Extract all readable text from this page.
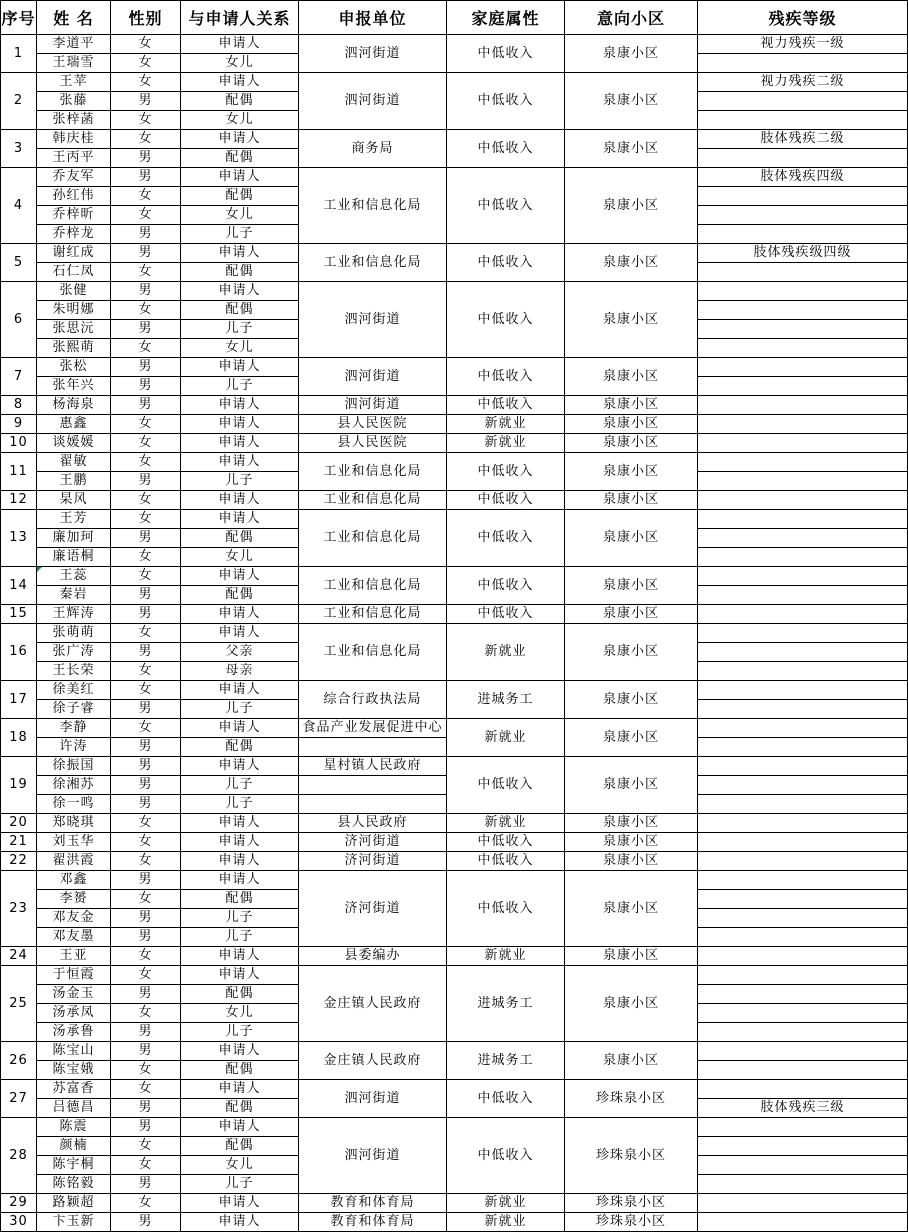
序号	姓 名	性别	与申请人关系	申报单位	家庭属性	意向小区	残疾等级
1	李道平	女	申请人	泗河街道	中低收入	泉康小区	视力残疾一级
	王瑞雪	女	女儿				
2	王苹	女	申请人	泗河街道	中低收入	泉康小区	视力残疾二级
	张藤	男	配偶				
	张梓菡	女	女儿				
3	韩庆桂	女	申请人	商务局	中低收入	泉康小区	肢体残疾二级
	王丙平	男	配偶				
4	乔友军	男	申请人	工业和信息化局	中低收入	泉康小区	肢体残疾四级
	孙红伟	女	配偶				
	乔梓昕	女	女儿				
	乔梓龙	男	儿子				
5	谢红成	男	申请人	工业和信息化局	中低收入	泉康小区	肢体残疾级四级
	石仁凤	女	配偶				
6	张健	男	申请人	泗河街道	中低收入	泉康小区	
	朱明娜	女	配偶				
	张思沅	男	儿子				
	张熙萌	女	女儿				
7	张松	男	申请人	泗河街道	中低收入	泉康小区	
	张年兴	男	儿子				
8	杨海泉	男	申请人	泗河街道	中低收入	泉康小区	
9	惠鑫	女	申请人	县人民医院	新就业	泉康小区	
10	谈媛媛	女	申请人	县人民医院	新就业	泉康小区	
11	翟敏	女	申请人	工业和信息化局	中低收入	泉康小区	
	王鹏	男	儿子				
12	杲风	女	申请人	工业和信息化局	中低收入	泉康小区	
13	王芳	女	申请人	工业和信息化局	中低收入	泉康小区	
	廉加珂	男	配偶				
	廉语桐	女	女儿				
14	王蕊	女	申请人	工业和信息化局	中低收入	泉康小区	
	秦岩	男	配偶				
15	王辉涛	男	申请人	工业和信息化局	中低收入	泉康小区	
16	张萌萌	女	申请人	工业和信息化局	新就业	泉康小区	
	张广涛	男	父亲				
	王长荣	女	母亲				
17	徐美红	女	申请人	综合行政执法局	进城务工	泉康小区	
	徐子睿	男	儿子				
18	李静	女	申请人	食品产业发展促进中心	新就业	泉康小区	
	许涛	男	配偶				
19	徐振国	男	申请人	星村镇人民政府	中低收入	泉康小区	
	徐湘苏	男	儿子				
	徐一鸣	男	儿子				
20	郑晓琪	女	申请人	县人民政府	新就业	泉康小区	
21	刘玉华	女	申请人	济河街道	中低收入	泉康小区	
22	翟洪霞	女	申请人	济河街道	中低收入	泉康小区	
23	邓鑫	男	申请人	济河街道	中低收入	泉康小区	
	李赟	女	配偶				
	邓友金	男	儿子				
	邓友墨	男	儿子				
24	王亚	女	申请人	县委编办	新就业	泉康小区	
25	于恒霞	女	申请人	金庄镇人民政府	进城务工	泉康小区	
	汤金玉	男	配偶				
	汤承凤	女	女儿				
	汤承鲁	男	儿子				
26	陈宝山	男	申请人	金庄镇人民政府	进城务工	泉康小区	
	陈宝娥	女	配偶				
27	苏富香	女	申请人	泗河街道	中低收入	珍珠泉小区	
	吕德昌	男	配偶				肢体残疾三级
28	陈震	男	申请人	泗河街道	中低收入	珍珠泉小区	
	颜楠	女	配偶				
	陈宇桐	女	女儿				
	陈铭毅	男	儿子				
29	路颖超	女	申请人	教育和体育局	新就业	珍珠泉小区	
30	卞玉新	男	申请人	教育和体育局	新就业	珍珠泉小区	
